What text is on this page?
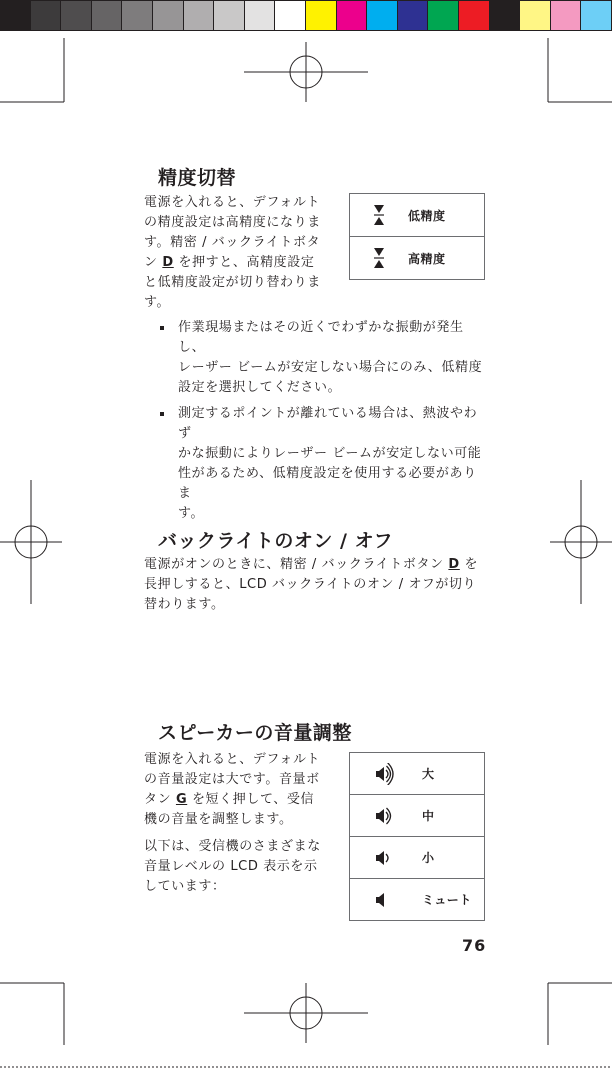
精度切替
電源を入れると、デフォルト
の精度設定は高精度になりま
す。精密 / バックライトボタ
ン D を押すと、高精度設定
と低精度設定が切り替わりま
す。
低精度
高精度
作業現場またはその近くでわずかな振動が発生し、
レーザー ビームが安定しない場合にのみ、低精度
設定を選択してください。
測定するポイントが離れている場合は、熱波やわず
かな振動によりレーザー ビームが安定しない可能
性があるため、低精度設定を使用する必要がありま
す。
バックライトのオン / オフ
電源がオンのときに、精密 / バックライトボタン D を
長押しすると、LCD バックライトのオン / オフが切り
替わります。
スピーカーの音量調整
電源を入れると、デフォルト
の音量設定は大です。音量ボ
タン G を短く押して、受信
機の音量を調整します。
以下は、受信機のさまざまな
音量レベルの LCD 表示を示
しています：
大
中
小
ミュート
76
